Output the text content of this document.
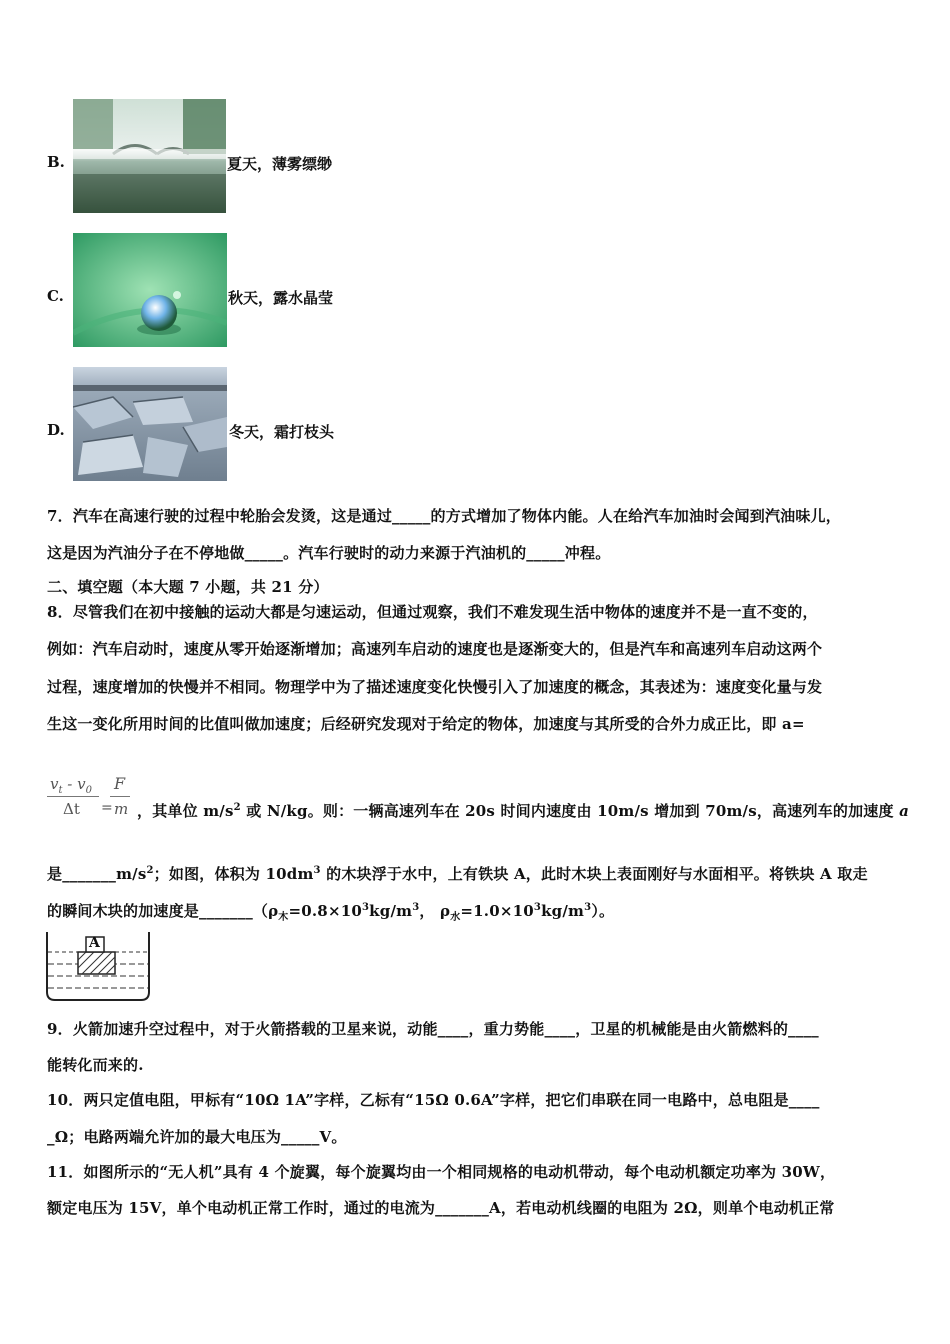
B.	夏天，薄雾缥缈
C.	秋天，露水晶莹
D.	冬天，霜打枝头
7．汽车在高速行驶的过程中轮胎会发烫，这是通过_____的方式增加了物体内能。人在给汽车加油时会闻到汽油味儿，
这是因为汽油分子在不停地做_____。汽车行驶时的动力来源于汽油机的_____冲程。
二、填空题（本大题 7 小题，共 21 分）
8．尽管我们在初中接触的运动大都是匀速运动，但通过观察，我们不难发现生活中物体的速度并不是一直不变的，
例如：汽车启动时，速度从零开始逐渐增加；高速列车启动的速度也是逐渐变大的，但是汽车和高速列车启动这两个
过程，速度增加的快慢并不相同。物理学中为了描述速度变化快慢引入了加速度的概念，其表述为：速度变化量与发
生这一变化所用时间的比值叫做加速度；后经研究发现对于给定的物体，加速度与其所受的合外力成正比，即 a=
$v_t - v_0$
Δt
F
= m ，其单位 $m/s^2$ 或 N/kg。则：一辆高速列车在 20s 时间内速度由 10m/s 增加到 70m/s，高速列车的加速度 a
是$\_\_\_\_\_\_\_m/s^2$；如图，体积为 $10dm^3$ 的木块浮于水中，上有铁块 A，此时木块上表面刚好与水面相平。将铁块 A 取走
的瞬间木块的加速度是$\_\_\_\_\_\_\_(\rho_木=0.8\times 10^3kg/m^3$， $\rho_水=1.0\times 10^3kg/m^3$）。
A
9．火箭加速升空过程中，对于火箭搭载的卫星来说，动能____，重力势能____，卫星的机械能是由火箭燃料的____
能转化而来的.
10．两只定值电阻，甲标有“10Ω 1A”字样，乙标有“15Ω 0.6A”字样，把它们串联在同一电路中，总电阻是____
_Ω；电路两端允许加的最大电压为_____V。
11．如图所示的“无人机”具有 4 个旋翼，每个旋翼均由一个相同规格的电动机带动，每个电动机额定功率为 30W，
额定电压为 15V，单个电动机正常工作时，通过的电流为_______A，若电动机线圈的电阻为 2Ω，则单个电动机正常
